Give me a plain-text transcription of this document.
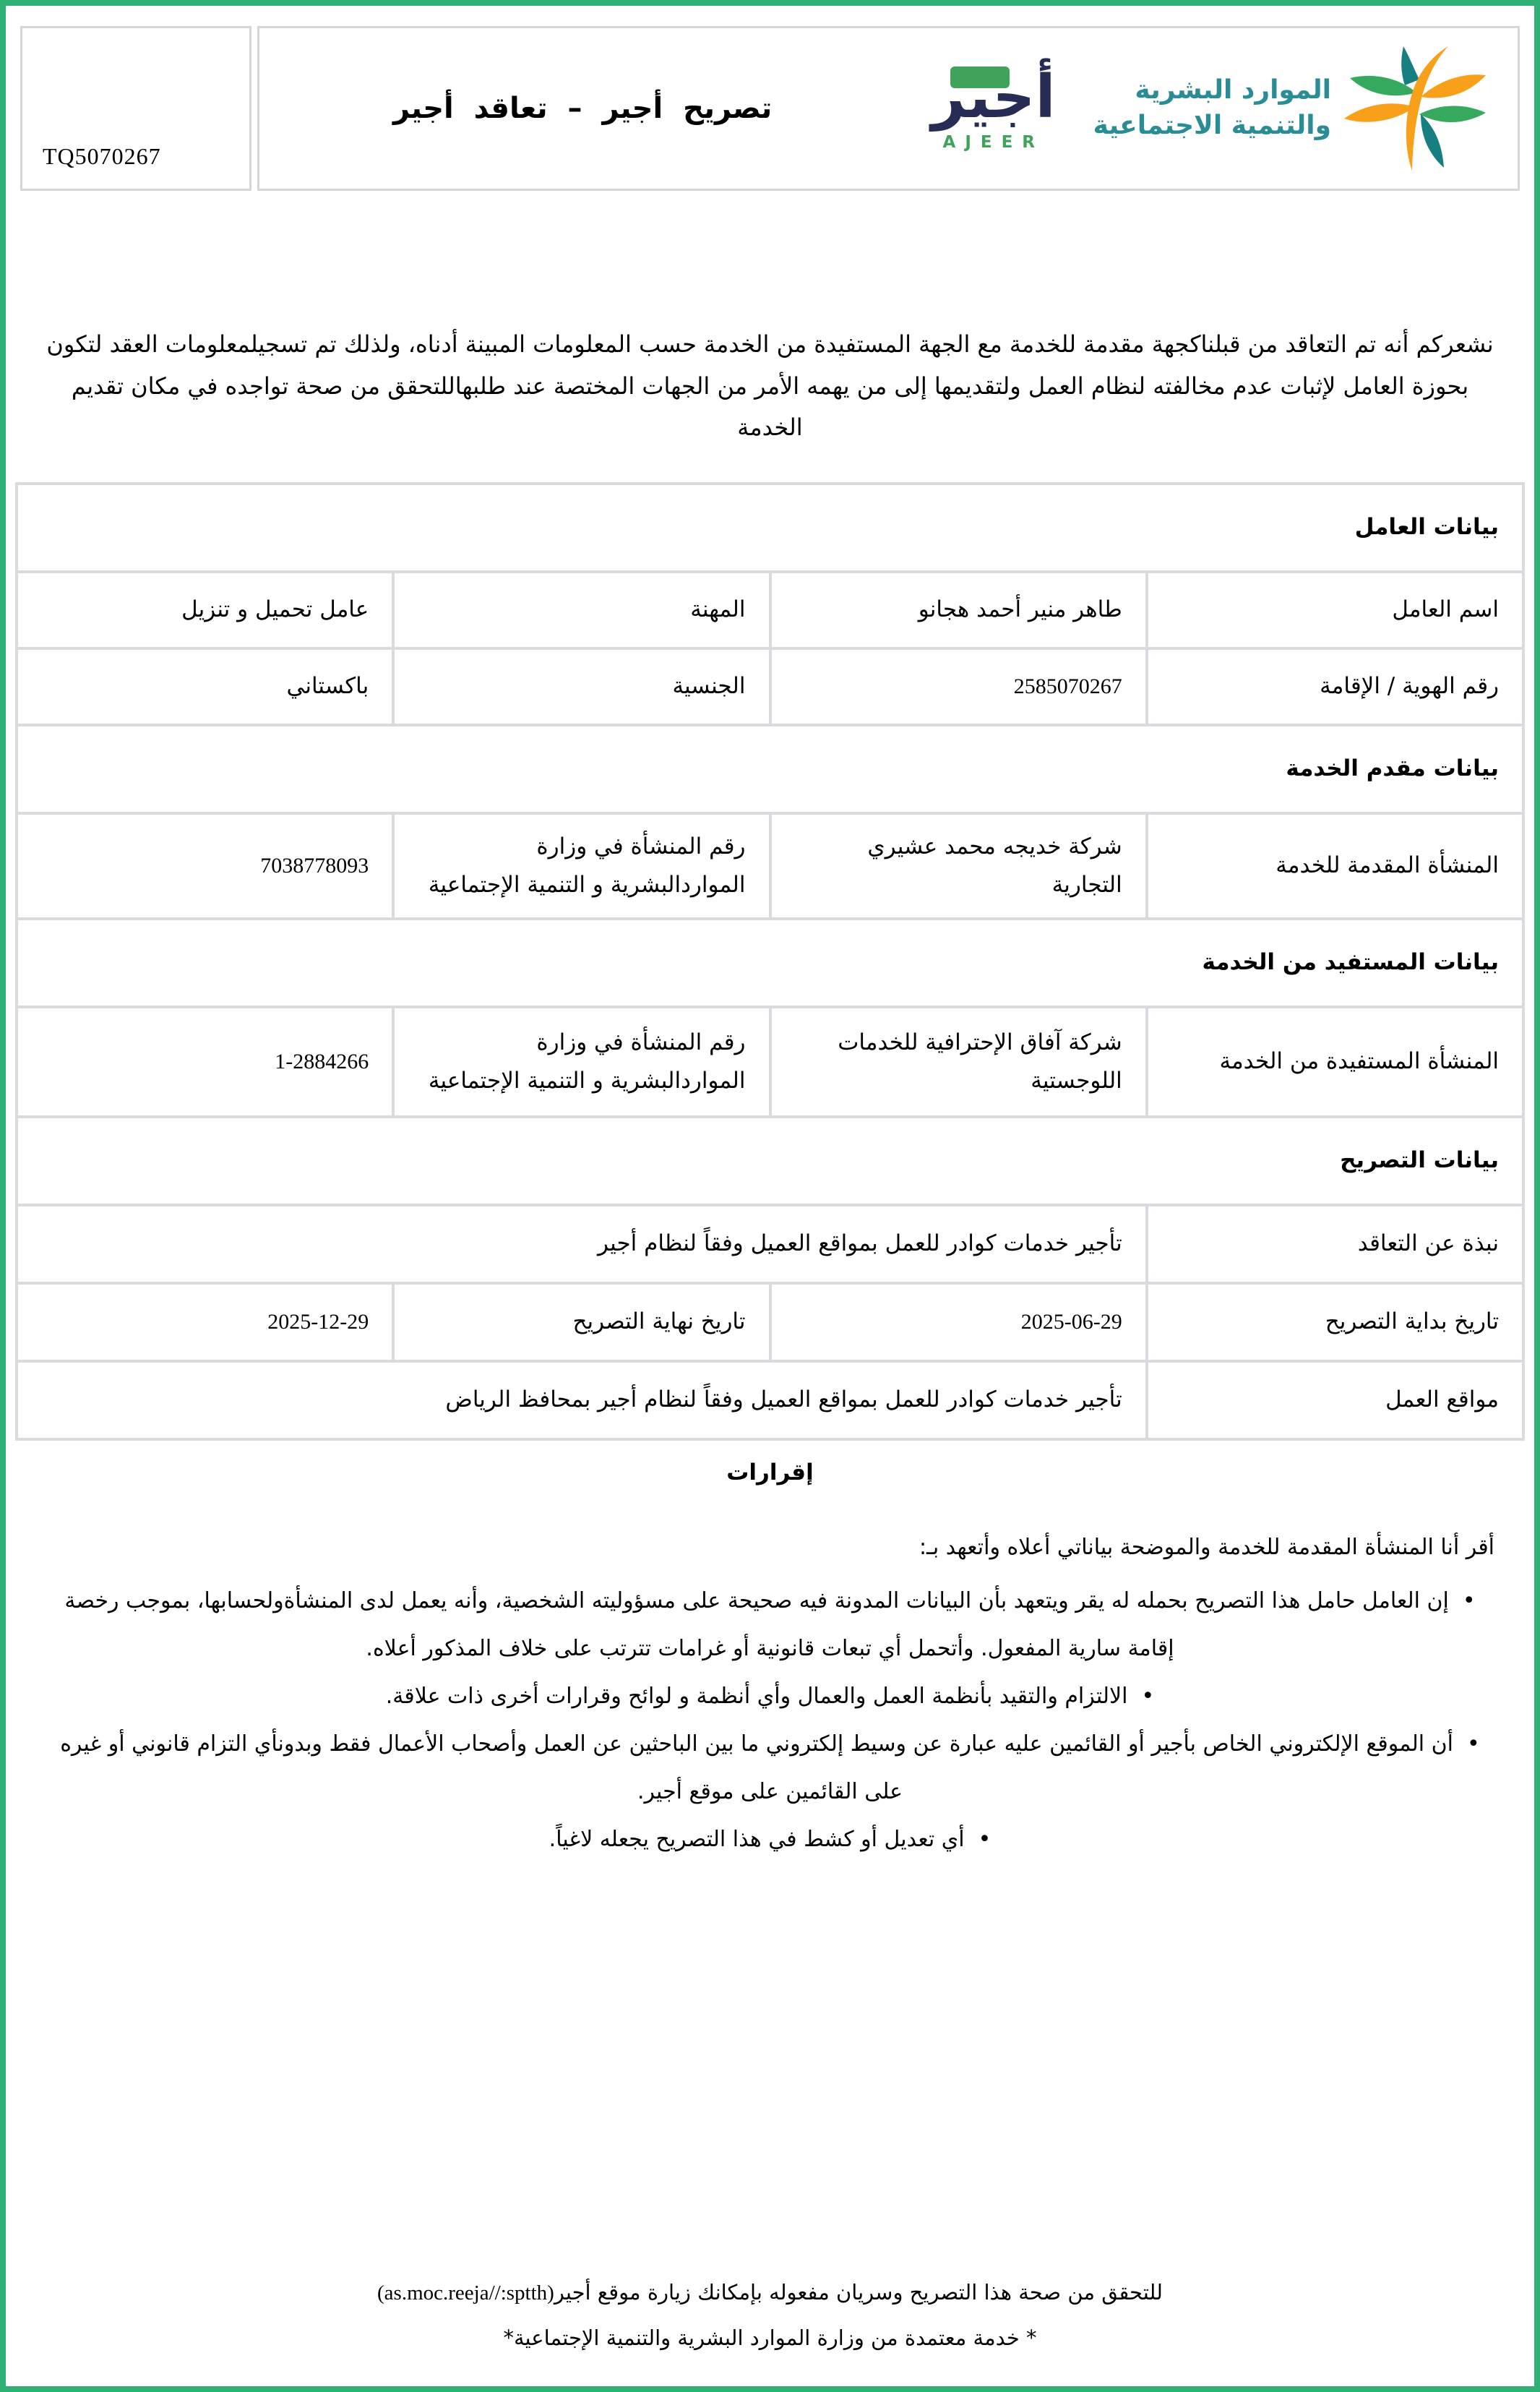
TQ5070267
تصريح أجير – تعاقد أجير	أجير
AJEER
الموارد البشرية
والتنمية الاجتماعية

نشعركم أنه تم التعاقد من قبلناكجهة مقدمة للخدمة مع الجهة المستفيدة من الخدمة حسب المعلومات المبينة أدناه، ولذلك تم تسجيلمعلومات العقد لتكون بحوزة العامل لإثبات عدم مخالفته لنظام العمل ولتقديمها إلى من يهمه الأمر من الجهات المختصة عند طلبهاللتحقق من صحة تواجده في مكان تقديم الخدمة

بيانات العامل			
اسم العامل	طاهر منير أحمد هجانو	المهنة	عامل تحميل و تنزيل
رقم الهوية / الإقامة	2585070267	الجنسية	باكستاني
بيانات مقدم الخدمة			
المنشأة المقدمة للخدمة	شركة خديجه محمد عشيري التجارية	رقم المنشأة في وزارة المواردالبشرية و التنمية الإجتماعية	7038778093
بيانات المستفيد من الخدمة			
المنشأة المستفيدة من الخدمة	شركة آفاق الإحترافية للخدمات اللوجستية	رقم المنشأة في وزارة المواردالبشرية و التنمية الإجتماعية	1-2884266
بيانات التصريح			
نبذة عن التعاقد	تأجير خدمات كوادر للعمل بمواقع العميل وفقاً لنظام أجير		
تاريخ بداية التصريح	2025-06-29	تاريخ نهاية التصريح	2025-12-29
مواقع العمل	تأجير خدمات كوادر للعمل بمواقع العميل وفقاً لنظام أجير بمحافظ الرياض		
إقرارات

أقر أنا المنشأة المقدمة للخدمة والموضحة بياناتي أعلاه وأتعهد بـ:

•  إن العامل حامل هذا التصريح بحمله له يقر ويتعهد بأن البيانات المدونة فيه صحيحة على مسؤوليته الشخصية، وأنه يعمل لدى المنشأةولحسابها، بموجب رخصة إقامة سارية المفعول. وأتحمل أي تبعات قانونية أو غرامات تترتب على خلاف المذكور أعلاه.
•  الالتزام والتقيد بأنظمة العمل والعمال وأي أنظمة و لوائح وقرارات أخرى ذات علاقة.
•  أن الموقع الإلكتروني الخاص بأجير أو القائمين عليه عبارة عن وسيط إلكتروني ما بين الباحثين عن العمل وأصحاب الأعمال فقط وبدونأي التزام قانوني أو غيره على القائمين على موقع أجير.
•  أي تعديل أو كشط في هذا التصريح يجعله لاغياً.
للتحقق من صحة هذا التصريح وسريان مفعوله بإمكانك زيارة موقع أجير(as.moc.reeja//:sptth)
* خدمة معتمدة من وزارة الموارد البشرية والتنمية الإجتماعية*
